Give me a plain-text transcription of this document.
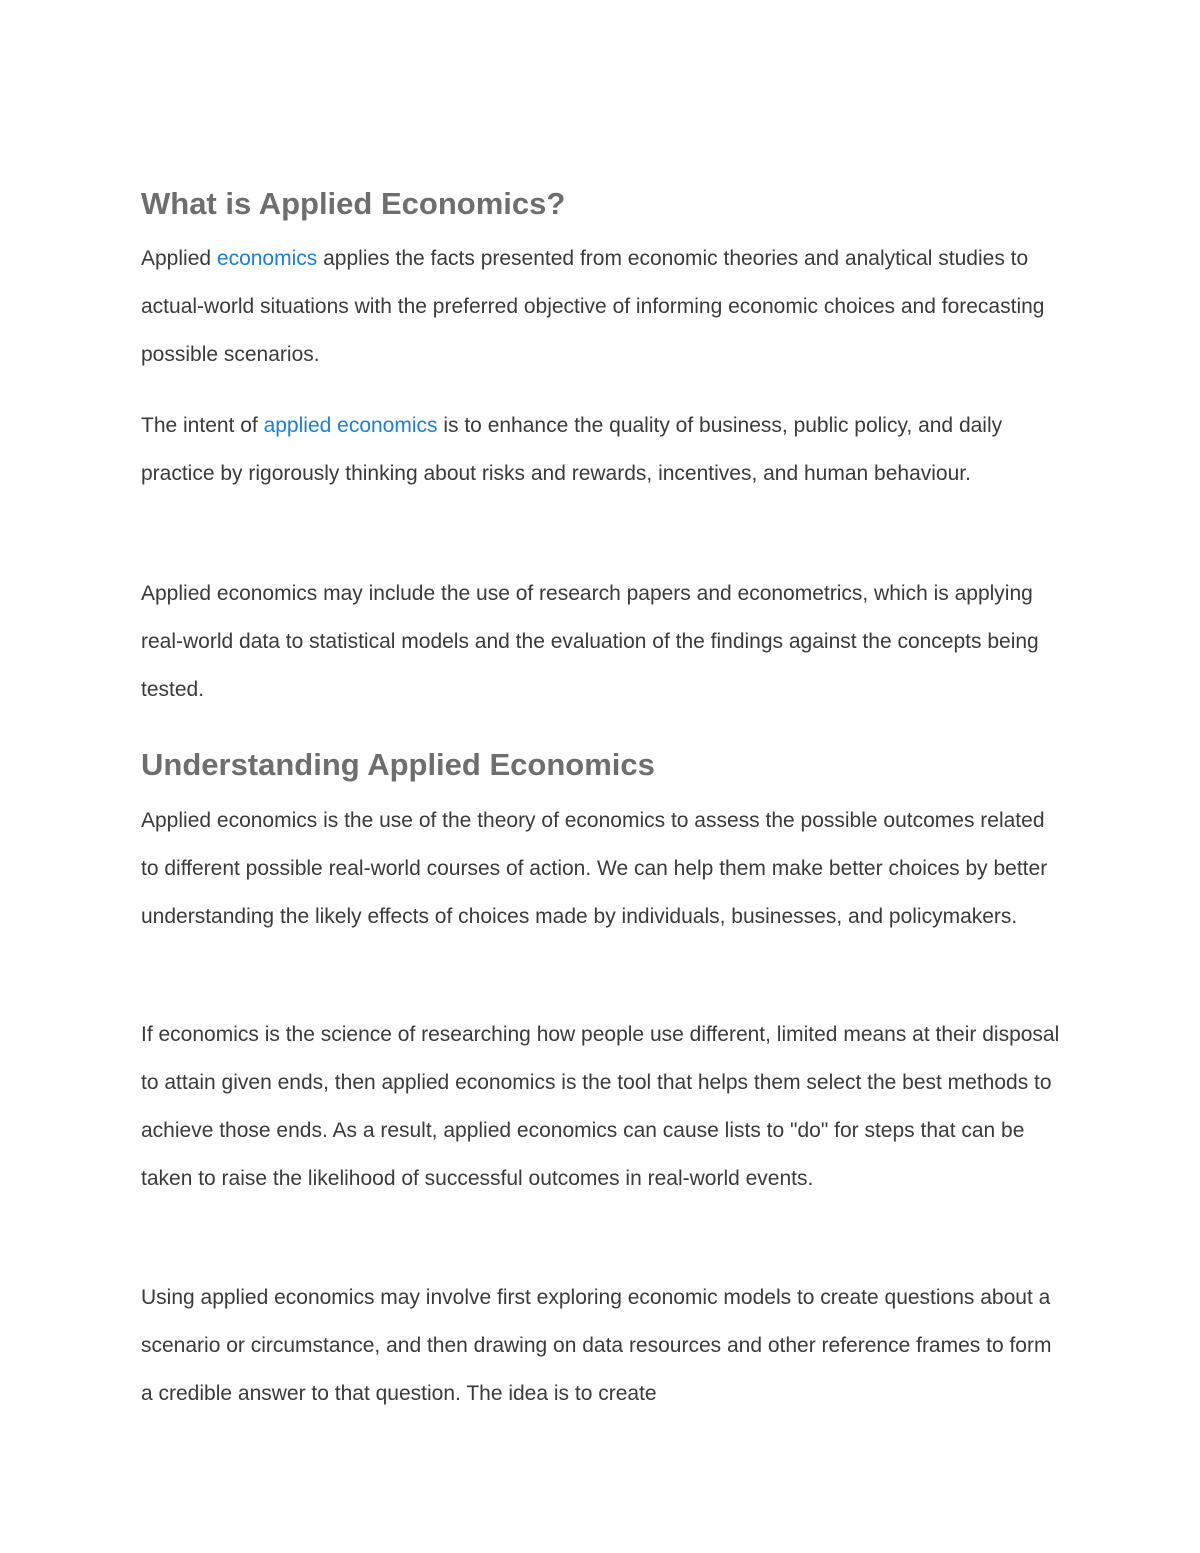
What is Applied Economics?

Applied economics applies the facts presented from economic theories and analytical studies to actual-world situations with the preferred objective of informing economic choices and forecasting possible scenarios.

The intent of applied economics is to enhance the quality of business, public policy, and daily practice by rigorously thinking about risks and rewards, incentives, and human behaviour.

Applied economics may include the use of research papers and econometrics, which is applying real-world data to statistical models and the evaluation of the findings against the concepts being tested.

Understanding Applied Economics

Applied economics is the use of the theory of economics to assess the possible outcomes related to different possible real-world courses of action. We can help them make better choices by better understanding the likely effects of choices made by individuals, businesses, and policymakers.

If economics is the science of researching how people use different, limited means at their disposal to attain given ends, then applied economics is the tool that helps them select the best methods to achieve those ends. As a result, applied economics can cause lists to "do" for steps that can be taken to raise the likelihood of successful outcomes in real-world events.

Using applied economics may involve first exploring economic models to create questions about a scenario or circumstance, and then drawing on data resources and other reference frames to form a credible answer to that question. The idea is to create
